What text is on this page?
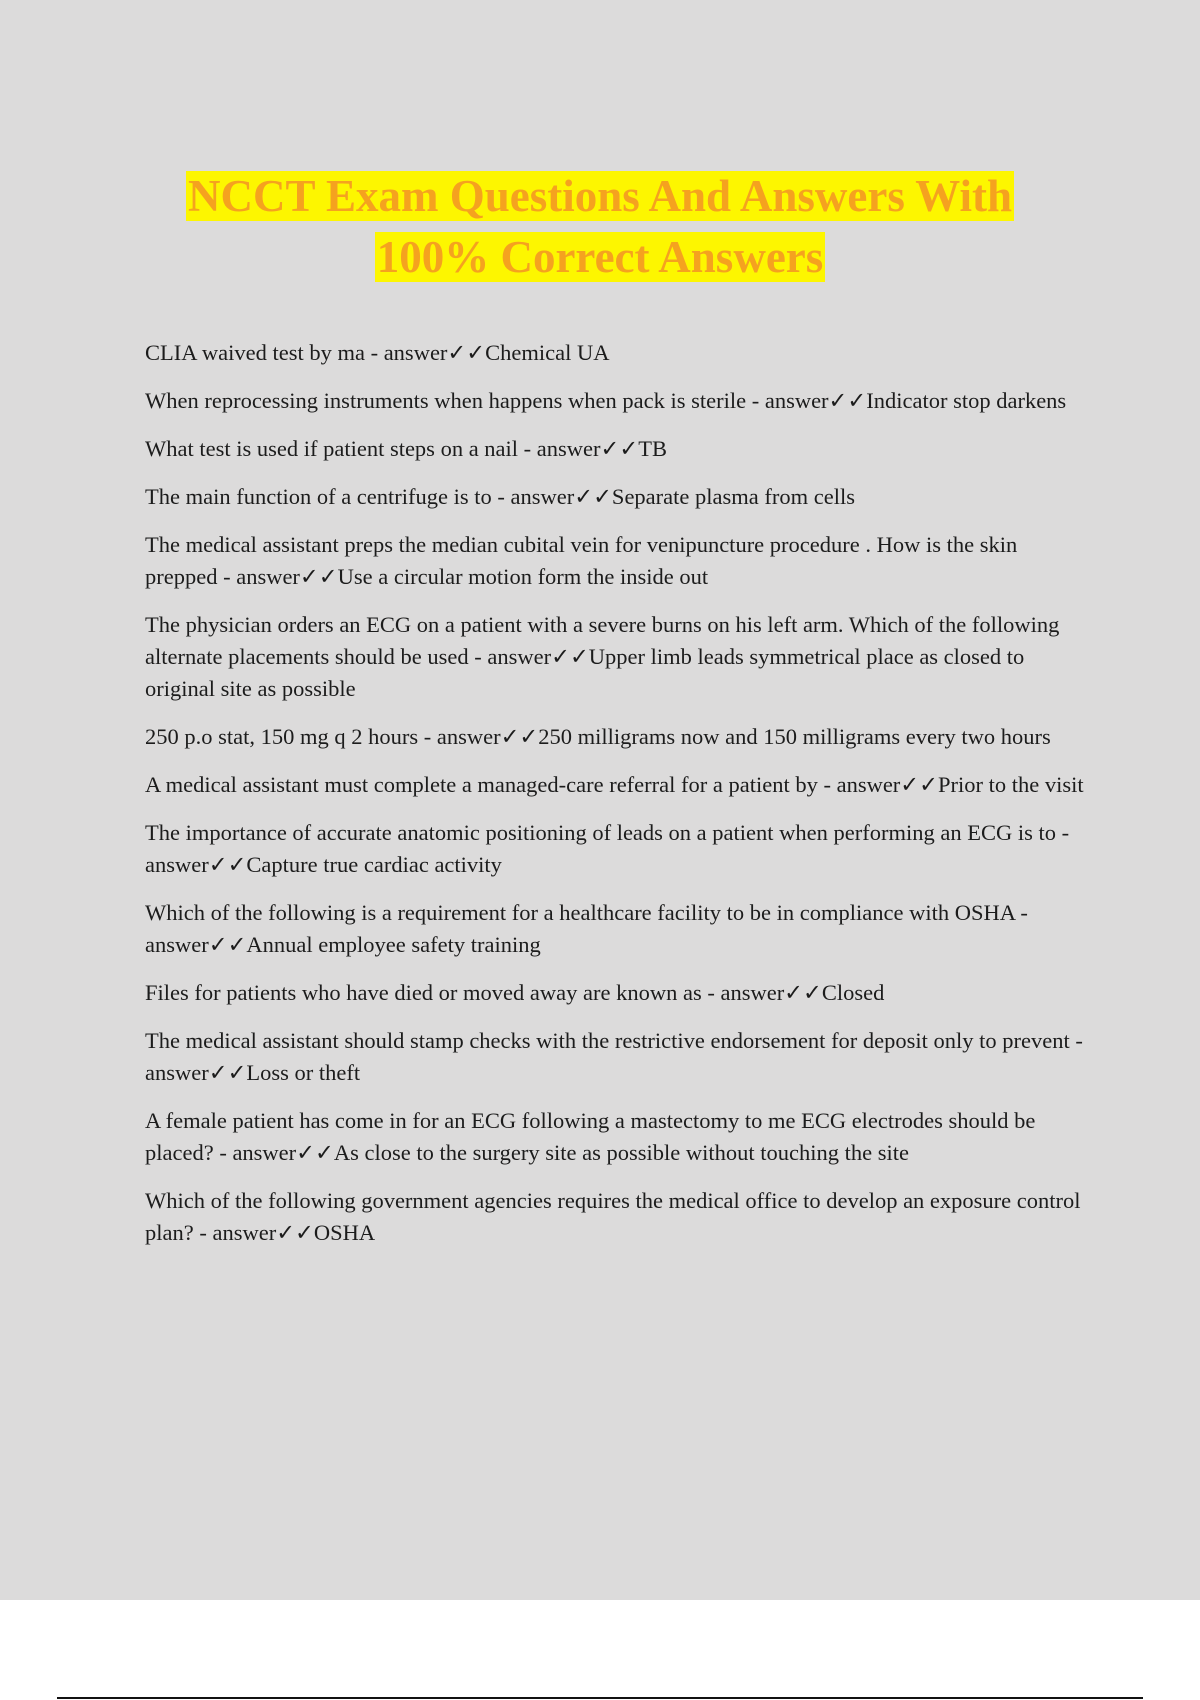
NCCT Exam Questions And Answers With
100% Correct Answers

CLIA waived test by ma - answer✓✓Chemical UA

When reprocessing instruments when happens when pack is sterile - answer✓✓Indicator stop darkens

What test is used if patient steps on a nail - answer✓✓TB

The main function of a centrifuge is to - answer✓✓Separate plasma from cells

The medical assistant preps the median cubital vein for venipuncture procedure . How is the skin prepped - answer✓✓Use a circular motion form the inside out

The physician orders an ECG on a patient with a severe burns on his left arm. Which of the following alternate placements should be used - answer✓✓Upper limb leads symmetrical place as closed to original site as possible

250 p.o stat, 150 mg q 2 hours - answer✓✓250 milligrams now and 150 milligrams every two hours

A medical assistant must complete a managed-care referral for a patient by - answer✓✓Prior to the visit

The importance of accurate anatomic positioning of leads on a patient when performing an ECG is to - answer✓✓Capture true cardiac activity

Which of the following is a requirement for a healthcare facility to be in compliance with OSHA - answer✓✓Annual employee safety training

Files for patients who have died or moved away are known as - answer✓✓Closed

The medical assistant should stamp checks with the restrictive endorsement for deposit only to prevent - answer✓✓Loss or theft

A female patient has come in for an ECG following a mastectomy to me ECG electrodes should be placed? - answer✓✓As close to the surgery site as possible without touching the site

Which of the following government agencies requires the medical office to develop an exposure control plan? - answer✓✓OSHA
